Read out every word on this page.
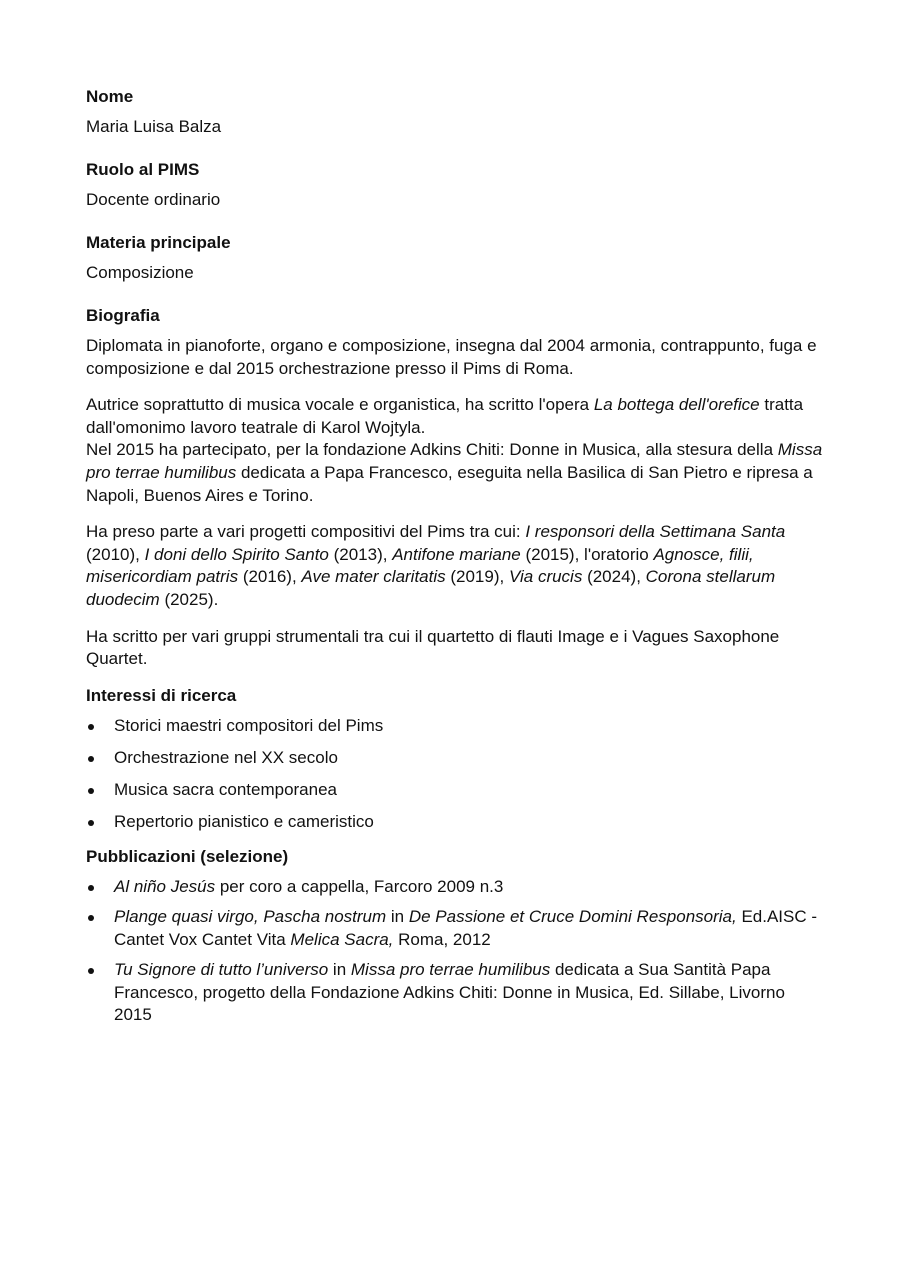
Nome

Maria Luisa Balza

Ruolo al PIMS

Docente ordinario

Materia principale

Composizione

Biografia

Diplomata in pianoforte, organo e composizione, insegna dal 2004 armonia, contrappunto, fuga e composizione e dal 2015 orchestrazione presso il Pims di Roma.

Autrice soprattutto di musica vocale e organistica, ha scritto l'opera La bottega dell'orefice tratta dall'omonimo lavoro teatrale di Karol Wojtyla.
Nel 2015 ha partecipato, per la fondazione Adkins Chiti: Donne in Musica, alla stesura della Missa pro terrae humilibus dedicata a Papa Francesco, eseguita nella Basilica di San Pietro e ripresa a Napoli, Buenos Aires e Torino.

Ha preso parte a vari progetti compositivi del Pims tra cui: I responsori della Settimana Santa (2010), I doni dello Spirito Santo (2013), Antifone mariane (2015), l'oratorio Agnosce, filii, misericordiam patris (2016), Ave mater claritatis (2019), Via crucis (2024), Corona stellarum duodecim (2025).

Ha scritto per vari gruppi strumentali tra cui il quartetto di flauti Image e i Vagues Saxophone Quartet.

Interessi di ricerca

Storici maestri compositori del Pims
Orchestrazione nel XX secolo
Musica sacra contemporanea
Repertorio pianistico e cameristico

Pubblicazioni (selezione)

Al niño Jesús per coro a cappella, Farcoro 2009 n.3
Plange quasi virgo, Pascha nostrum in De Passione et Cruce Domini Responsoria, Ed.AISC - Cantet Vox Cantet Vita Melica Sacra, Roma, 2012
Tu Signore di tutto l’universo in Missa pro terrae humilibus dedicata a Sua Santità Papa Francesco, progetto della Fondazione Adkins Chiti: Donne in Musica, Ed. Sillabe, Livorno 2015
